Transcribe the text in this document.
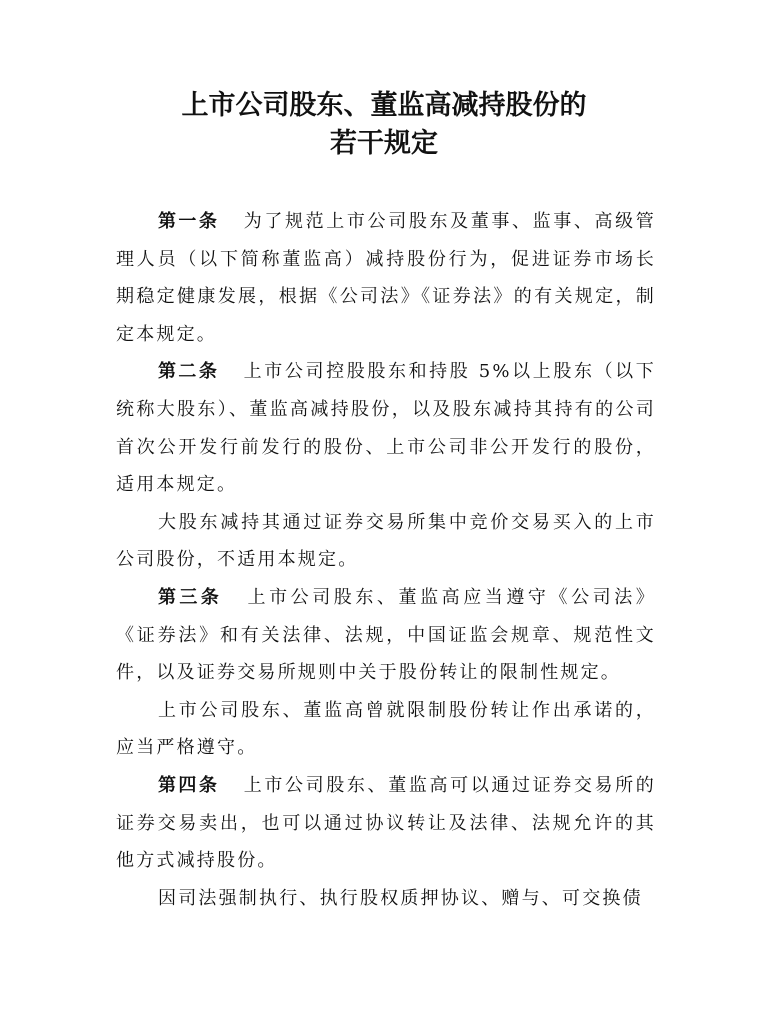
上市公司股东、董监高减持股份的
若干规定

第一条 为了规范上市公司股东及董事、监事、高级管理人员（以下简称董监高）减持股份行为，促进证券市场长期稳定健康发展，根据《公司法》《证券法》的有关规定，制定本规定。

第二条 上市公司控股股东和持股 5%以上股东（以下统称大股东）、董监高减持股份，以及股东减持其持有的公司首次公开发行前发行的股份、上市公司非公开发行的股份，适用本规定。

大股东减持其通过证券交易所集中竞价交易买入的上市公司股份，不适用本规定。

第三条 上市公司股东、董监高应当遵守《公司法》《证券法》和有关法律、法规，中国证监会规章、规范性文件，以及证券交易所规则中关于股份转让的限制性规定。

上市公司股东、董监高曾就限制股份转让作出承诺的，应当严格遵守。

第四条 上市公司股东、董监高可以通过证券交易所的证券交易卖出，也可以通过协议转让及法律、法规允许的其他方式减持股份。

因司法强制执行、执行股权质押协议、赠与、可交换债
